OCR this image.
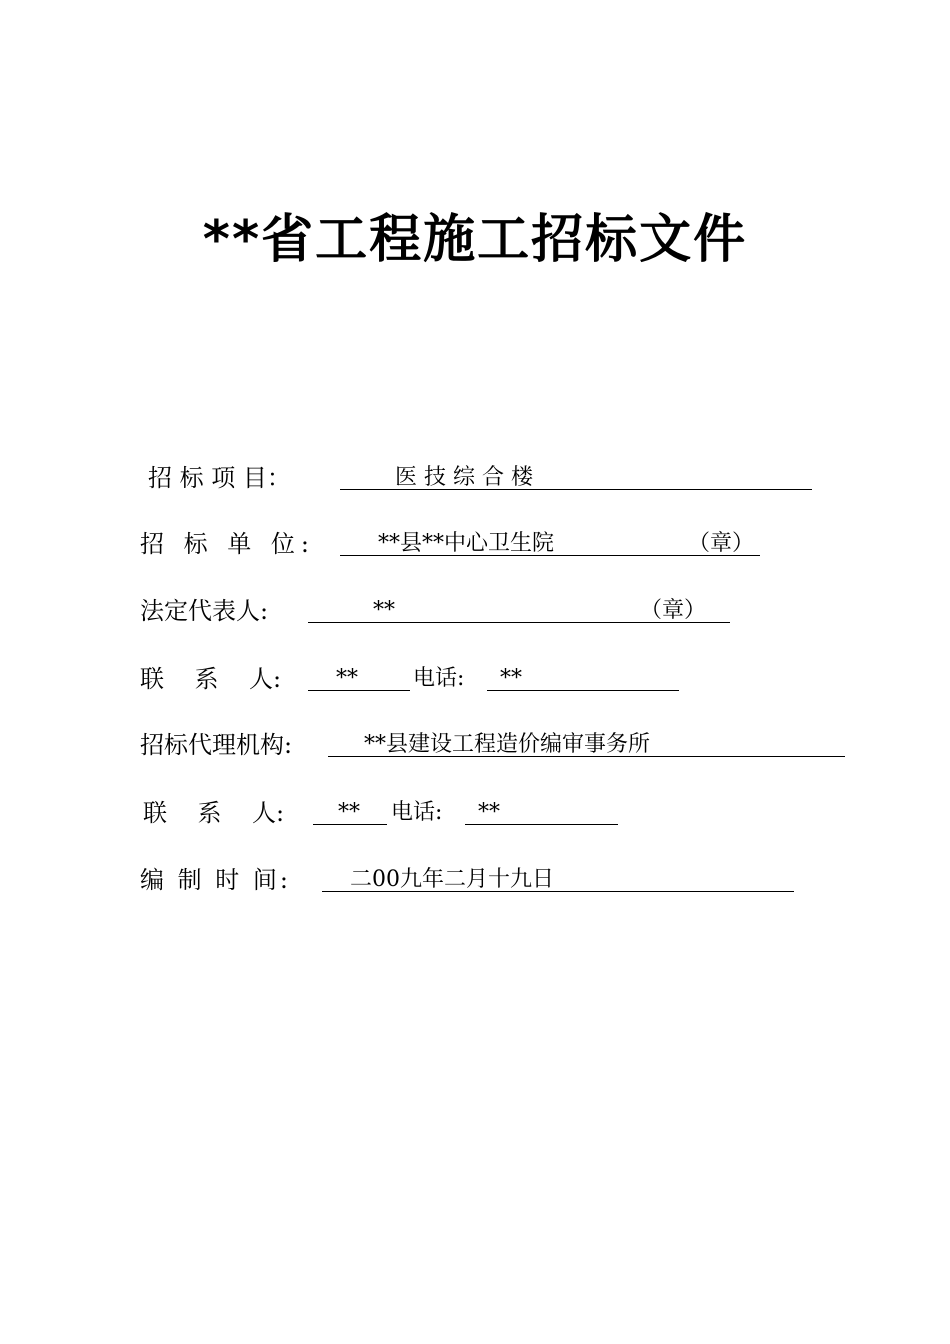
**省工程施工招标文件
招 标 项 目：	医 技 综 合 楼
招 标 单 位:	**县**中心卫生院	（章）
法定代表人:	**	（章）
联    系    人: **	电话: **
招标代理机构:	**县建设工程造价编审事务所
联    系    人: ** 电话: **
编 制 时 间:	二00九年二月十九日
